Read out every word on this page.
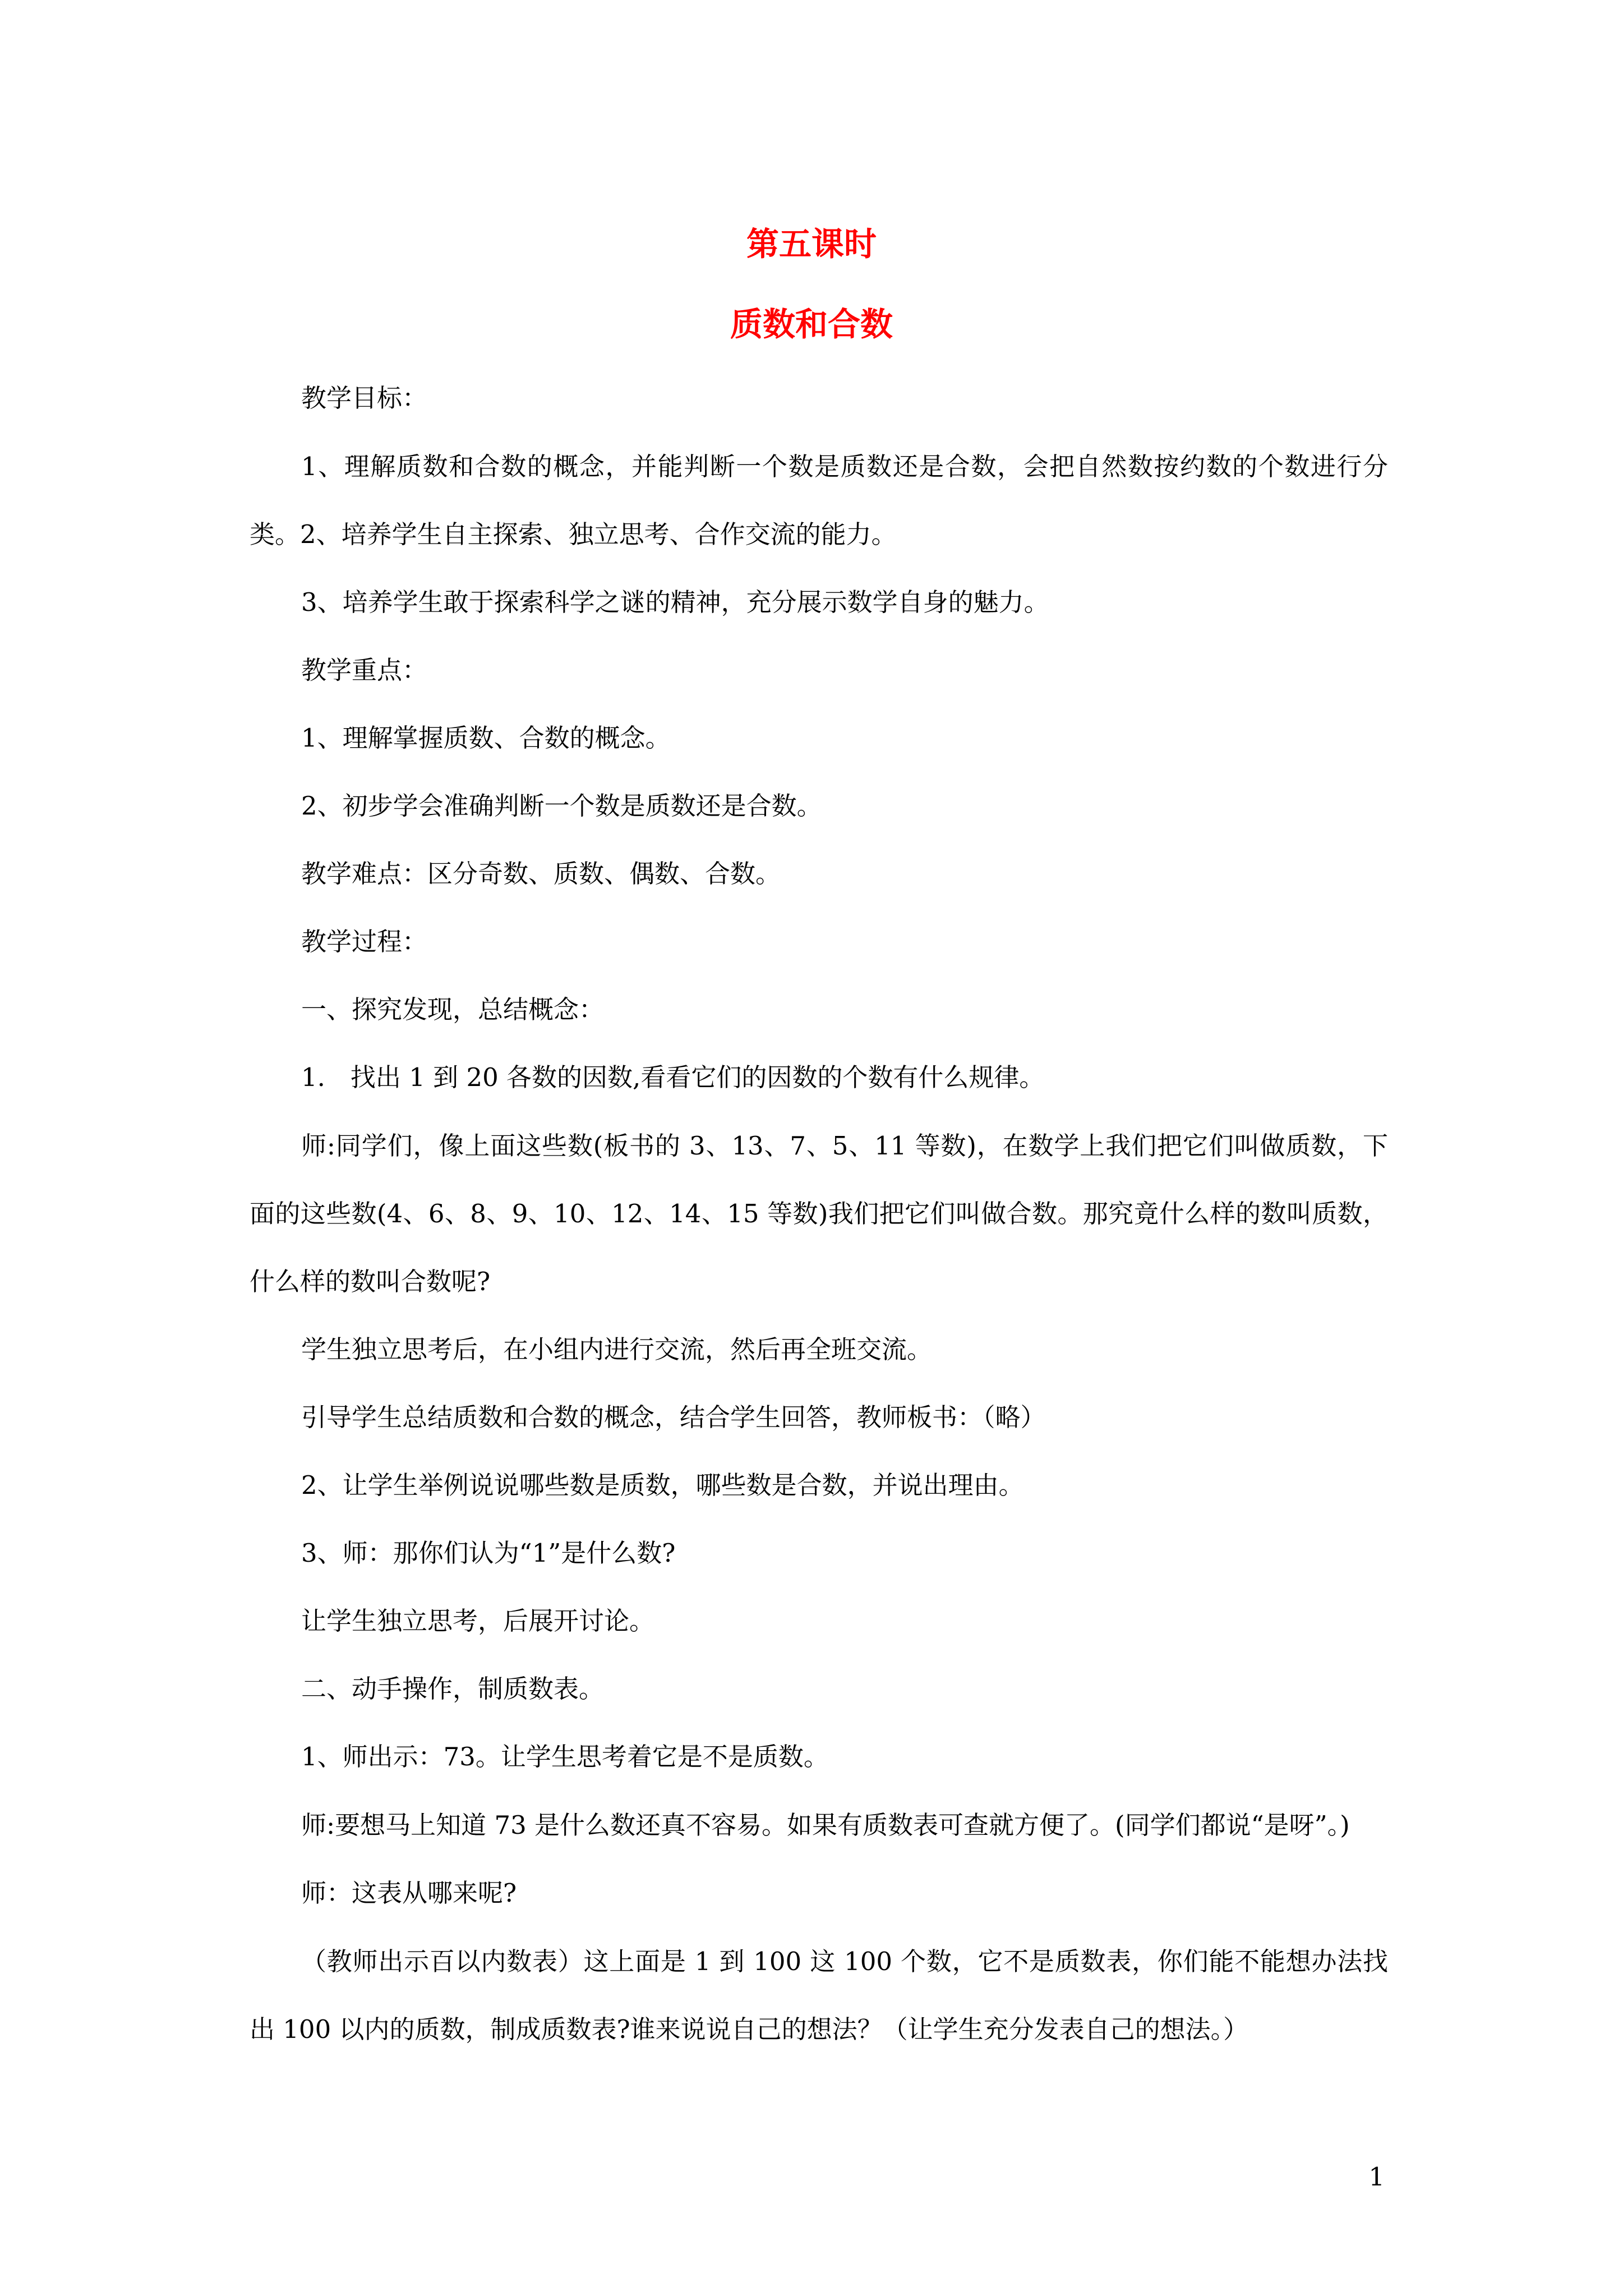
第五课时
质数和合数

教学目标：

1、理解质数和合数的概念，并能判断一个数是质数还是合数，会把自然数按约数的个数进行分类。2、培养学生自主探索、独立思考、合作交流的能力。

3、培养学生敢于探索科学之谜的精神，充分展示数学自身的魅力。

教学重点：

1、理解掌握质数、合数的概念。

2、初步学会准确判断一个数是质数还是合数。

教学难点：区分奇数、质数、偶数、合数。

教学过程：

一、探究发现，总结概念：

1.　找出 1 到 20 各数的因数,看看它们的因数的个数有什么规律。

师:同学们，像上面这些数(板书的 3、13、7、5、11 等数)，在数学上我们把它们叫做质数，下面的这些数(4、6、8、9、10、12、14、15 等数)我们把它们叫做合数。那究竟什么样的数叫质数，什么样的数叫合数呢?

学生独立思考后，在小组内进行交流，然后再全班交流。

引导学生总结质数和合数的概念，结合学生回答，教师板书：（略）

2、让学生举例说说哪些数是质数，哪些数是合数，并说出理由。

3、师：那你们认为“1”是什么数?

让学生独立思考，后展开讨论。

二、动手操作，制质数表。

1、师出示：73。让学生思考着它是不是质数。

师:要想马上知道 73 是什么数还真不容易。如果有质数表可查就方便了。(同学们都说“是呀”。)

师：这表从哪来呢?

（教师出示百以内数表）这上面是 1 到 100 这 100 个数，它不是质数表，你们能不能想办法找出 100 以内的质数，制成质数表?谁来说说自己的想法？（让学生充分发表自己的想法。）

1
